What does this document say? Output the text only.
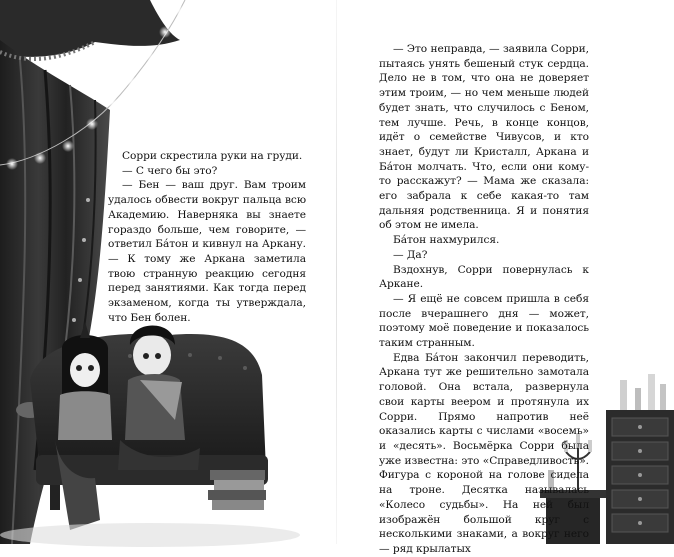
Сорри скрестила руки на груди.

— С чего бы это?

— Бен — ваш друг. Вам троим удалось обвести вокруг пальца всю Академию. Наверняка вы знаете гораздо больше, чем говорите, — ответил Бáтон и кивнул на Аркану. — К тому же Аркана заметила твою странную реакцию сегодня перед занятиями. Как тогда перед экзаменом, когда ты утверждала, что Бен болен.

— Это неправда, — заявила Сорри, пытаясь унять бешеный стук сердца. Дело не в том, что она не доверяет этим троим, — но чем меньше людей будет знать, что случилось с Беном, тем лучше. Речь, в конце концов, идёт о семействе Чивусов, и кто знает, будут ли Кристалл, Аркана и Бáтон молчать. Что, если они кому-то расскажут? — Мама же сказала: его забрала к себе какая-то там дальняя родственница. Я и понятия об этом не имела.

Бáтон нахмурился.

— Да?

Вздохнув, Сорри повернулась к Аркане.

— Я ещё не совсем пришла в себя после вчерашнего дня — может, поэтому моё поведение и показалось таким странным.

Едва Бáтон закончил переводить, Аркана тут же решительно замотала головой. Она встала, развернула свои карты веером и протянула их Сорри. Прямо напротив неё оказались карты с числами «восемь» и «десять». Восьмёрка Сорри была уже известна: это «Справедливость». Фигура с короной на голове сидела на троне. Десятка называлась «Колесо судьбы». На ней был изображён большой круг с несколькими знаками, а вокруг него — ряд крылатых
